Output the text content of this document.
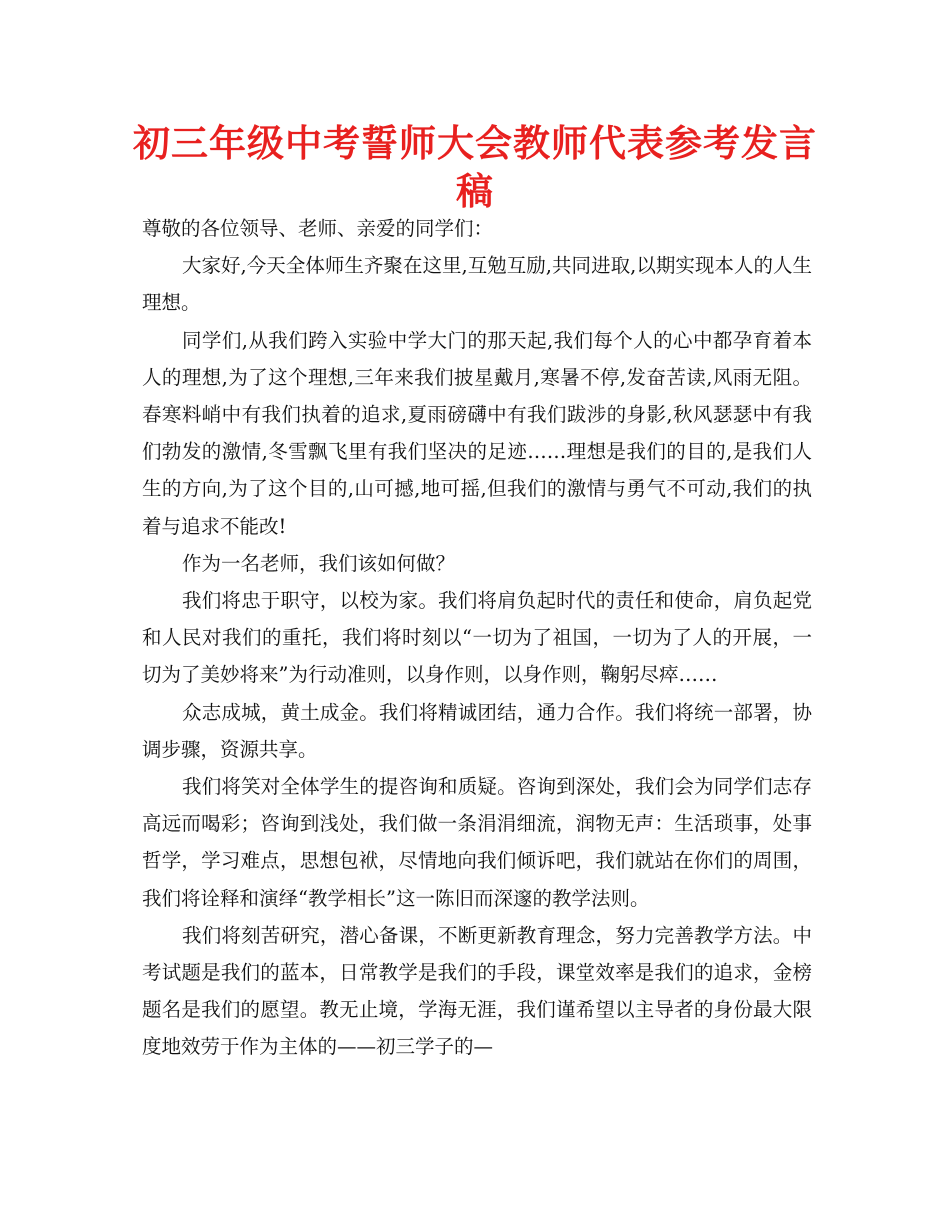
初三年级中考誓师大会教师代表参考发言稿

尊敬的各位领导、老师、亲爱的同学们：

大家好,今天全体师生齐聚在这里,互勉互励,共同进取,以期实现本人的人生理想。

同学们,从我们跨入实验中学大门的那天起,我们每个人的心中都孕育着本人的理想,为了这个理想,三年来我们披星戴月,寒暑不停,发奋苦读,风雨无阻。春寒料峭中有我们执着的追求,夏雨磅礴中有我们跋涉的身影,秋风瑟瑟中有我们勃发的激情,冬雪飘飞里有我们坚决的足迹……理想是我们的目的,是我们人生的方向,为了这个目的,山可撼,地可摇,但我们的激情与勇气不可动,我们的执着与追求不能改!

作为一名老师，我们该如何做？

我们将忠于职守，以校为家。我们将肩负起时代的责任和使命，肩负起党和人民对我们的重托，我们将时刻以“一切为了祖国，一切为了人的开展，一切为了美妙将来”为行动准则，以身作则，以身作则，鞠躬尽瘁……

众志成城，黄土成金。我们将精诚团结，通力合作。我们将统一部署，协调步骤，资源共享。

我们将笑对全体学生的提咨询和质疑。咨询到深处，我们会为同学们志存高远而喝彩；咨询到浅处，我们做一条涓涓细流，润物无声：生活琐事，处事哲学，学习难点，思想包袱，尽情地向我们倾诉吧，我们就站在你们的周围，我们将诠释和演绎“教学相长”这一陈旧而深邃的教学法则。

我们将刻苦研究，潜心备课，不断更新教育理念，努力完善教学方法。中考试题是我们的蓝本，日常教学是我们的手段，课堂效率是我们的追求，金榜题名是我们的愿望。教无止境，学海无涯，我们谨希望以主导者的身份最大限度地效劳于作为主体的——初三学子的—
